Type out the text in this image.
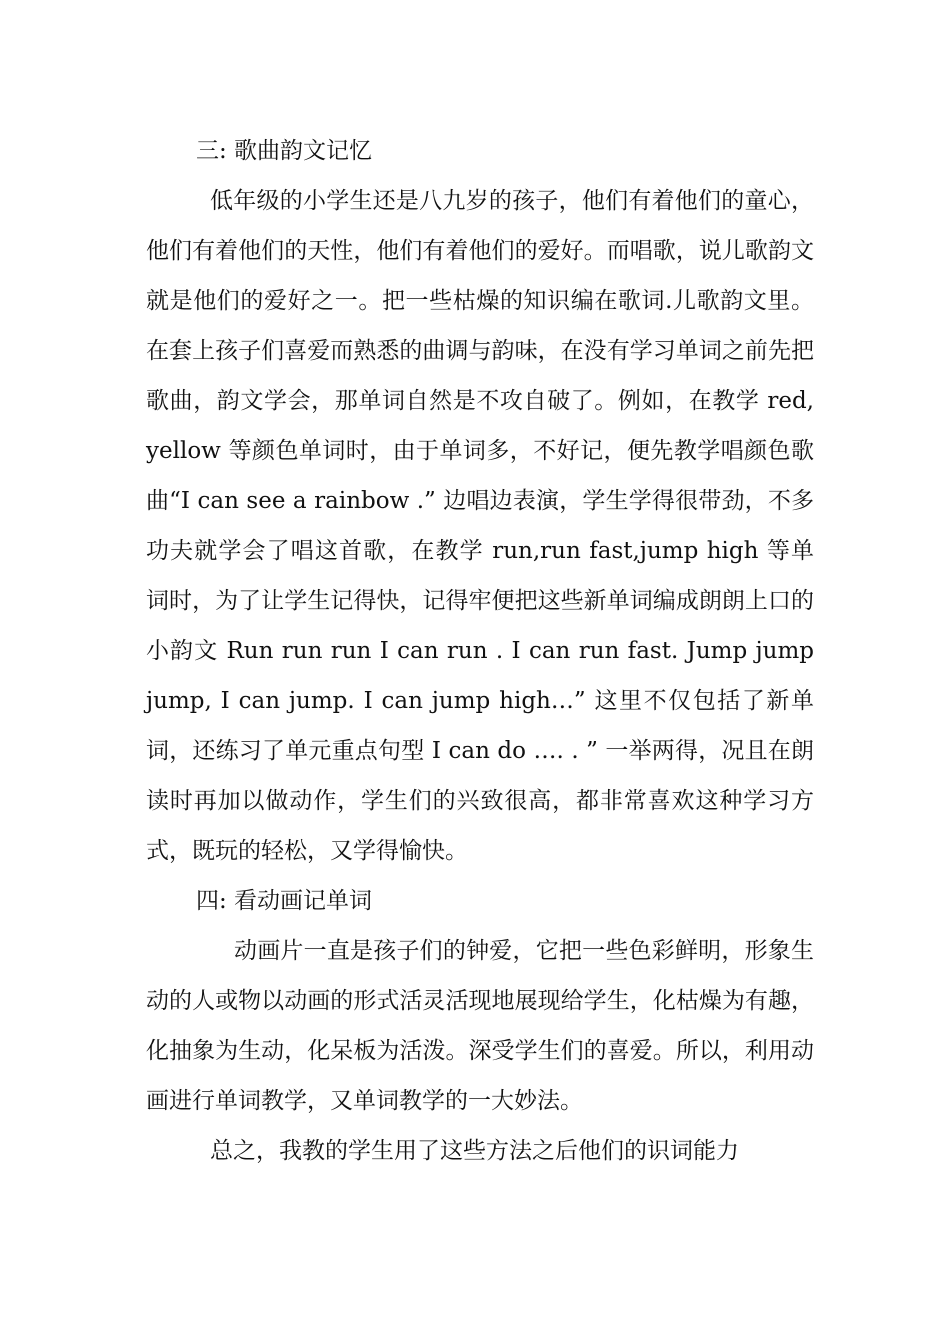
三: 歌曲韵文记忆

低年级的小学生还是八九岁的孩子，他们有着他们的童心，他们有着他们的天性，他们有着他们的爱好。而唱歌，说儿歌韵文就是他们的爱好之一。把一些枯燥的知识编在歌词.儿歌韵文里。在套上孩子们喜爱而熟悉的曲调与韵味，在没有学习单词之前先把歌曲，韵文学会，那单词自然是不攻自破了。例如，在教学 red, yellow 等颜色单词时，由于单词多，不好记，便先教学唱颜色歌曲“I can see a rainbow .” 边唱边表演，学生学得很带劲，不多功夫就学会了唱这首歌，在教学 run,run fast,jump high 等单词时，为了让学生记得快，记得牢便把这些新单词编成朗朗上口的小韵文 Run run run I can run . I can run fast. Jump jump jump, I can jump. I can jump high…” 这里不仅包括了新单词，还练习了单元重点句型 I can do …. . ” 一举两得，况且在朗读时再加以做动作，学生们的兴致很高，都非常喜欢这种学习方式，既玩的轻松，又学得愉快。

四: 看动画记单词

动画片一直是孩子们的钟爱，它把一些色彩鲜明，形象生动的人或物以动画的形式活灵活现地展现给学生，化枯燥为有趣，化抽象为生动，化呆板为活泼。深受学生们的喜爱。所以，利用动画进行单词教学，又单词教学的一大妙法。

总之，我教的学生用了这些方法之后他们的识词能力
